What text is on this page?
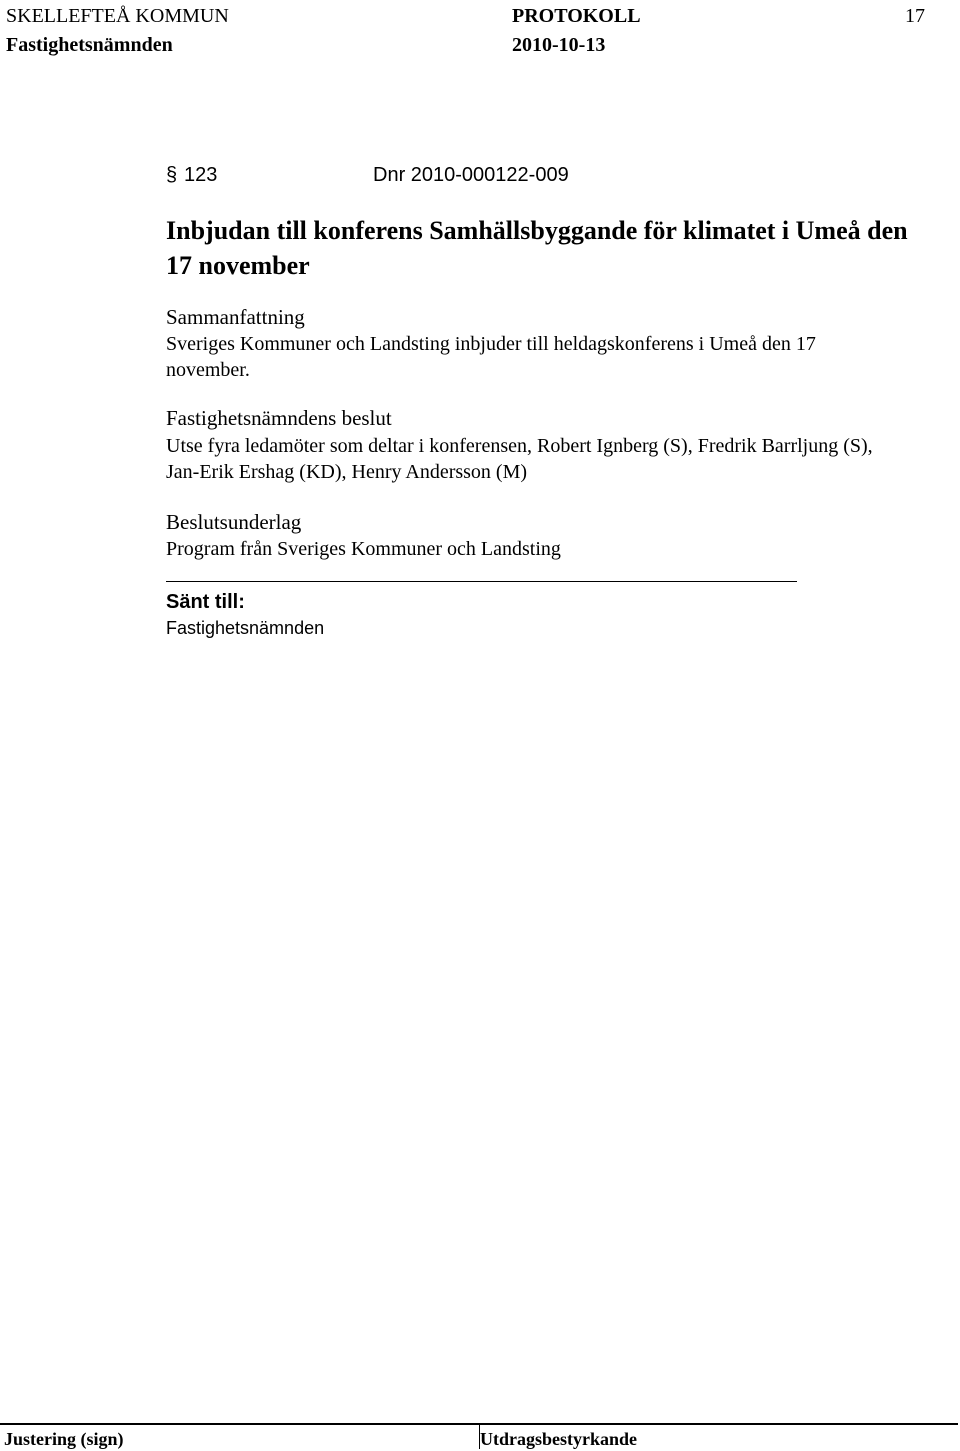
SKELLEFTEÅ KOMMUN	PROTOKOLL	17
Fastighetsnämnden	2010-10-13
§ 123	Dnr 2010-000122-009
Inbjudan till konferens Samhällsbyggande för klimatet i Umeå den 17 november
Sammanfattning
Sveriges Kommuner och Landsting inbjuder till heldagskonferens i Umeå den 17 november.
Fastighetsnämndens beslut
Utse fyra ledamöter som deltar i konferensen, Robert Ignberg (S), Fredrik Barrljung (S), Jan-Erik Ershag (KD), Henry Andersson (M)
Beslutsunderlag
Program från Sveriges Kommuner och Landsting
Sänt till:
Fastighetsnämnden
Justering (sign)	Utdragsbestyrkande
